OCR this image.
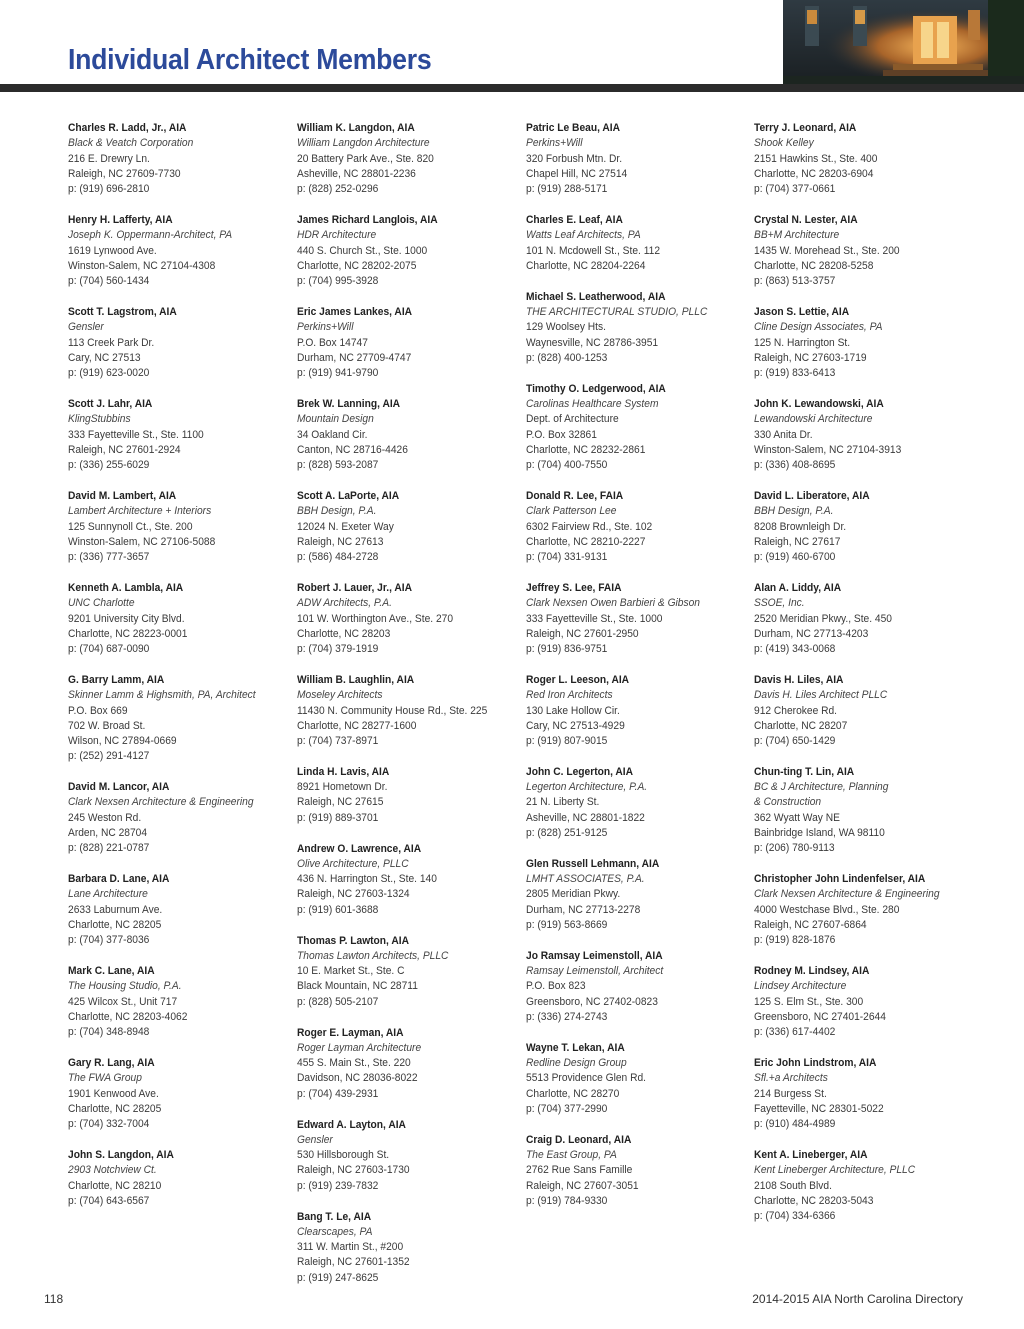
Individual Architect Members
Charles R. Ladd, Jr., AIA
Black & Veatch Corporation
216 E. Drewry Ln.
Raleigh, NC 27609-7730
p: (919) 696-2810
Henry H. Lafferty, AIA
Joseph K. Oppermann-Architect, PA
1619 Lynwood Ave.
Winston-Salem, NC 27104-4308
p: (704) 560-1434
Scott T. Lagstrom, AIA
Gensler
113 Creek Park Dr.
Cary, NC 27513
p: (919) 623-0020
Scott J. Lahr, AIA
KlingStubbins
333 Fayetteville St., Ste. 1100
Raleigh, NC 27601-2924
p: (336) 255-6029
David M. Lambert, AIA
Lambert Architecture + Interiors
125 Sunnynoll Ct., Ste. 200
Winston-Salem, NC 27106-5088
p: (336) 777-3657
Kenneth A. Lambla, AIA
UNC Charlotte
9201 University City Blvd.
Charlotte, NC 28223-0001
p: (704) 687-0090
G. Barry Lamm, AIA
Skinner Lamm & Highsmith, PA, Architect
P.O. Box 669
702 W. Broad St.
Wilson, NC 27894-0669
p: (252) 291-4127
David M. Lancor, AIA
Clark Nexsen Architecture & Engineering
245 Weston Rd.
Arden, NC 28704
p: (828) 221-0787
Barbara D. Lane, AIA
Lane Architecture
2633 Laburnum Ave.
Charlotte, NC 28205
p: (704) 377-8036
Mark C. Lane, AIA
The Housing Studio, P.A.
425 Wilcox St., Unit 717
Charlotte, NC 28203-4062
p: (704) 348-8948
Gary R. Lang, AIA
The FWA Group
1901 Kenwood Ave.
Charlotte, NC 28205
p: (704) 332-7004
John S. Langdon, AIA
2903 Notchview Ct.
Charlotte, NC 28210
p: (704) 643-6567
William K. Langdon, AIA
William Langdon Architecture
20 Battery Park Ave., Ste. 820
Asheville, NC 28801-2236
p: (828) 252-0296
James Richard Langlois, AIA
HDR Architecture
440 S. Church St., Ste. 1000
Charlotte, NC 28202-2075
p: (704) 995-3928
Eric James Lankes, AIA
Perkins+Will
P.O. Box 14747
Durham, NC 27709-4747
p: (919) 941-9790
Brek W. Lanning, AIA
Mountain Design
34 Oakland Cir.
Canton, NC 28716-4426
p: (828) 593-2087
Scott A. LaPorte, AIA
BBH Design, P.A.
12024 N. Exeter Way
Raleigh, NC 27613
p: (586) 484-2728
Robert J. Lauer, Jr., AIA
ADW Architects, P.A.
101 W. Worthington Ave., Ste. 270
Charlotte, NC 28203
p: (704) 379-1919
William B. Laughlin, AIA
Moseley Architects
11430 N. Community House Rd., Ste. 225
Charlotte, NC 28277-1600
p: (704) 737-8971
Linda H. Lavis, AIA
8921 Hometown Dr.
Raleigh, NC 27615
p: (919) 889-3701
Andrew O. Lawrence, AIA
Olive Architecture, PLLC
436 N. Harrington St., Ste. 140
Raleigh, NC 27603-1324
p: (919) 601-3688
Thomas P. Lawton, AIA
Thomas Lawton Architects, PLLC
10 E. Market St., Ste. C
Black Mountain, NC 28711
p: (828) 505-2107
Roger E. Layman, AIA
Roger Layman Architecture
455 S. Main St., Ste. 220
Davidson, NC 28036-8022
p: (704) 439-2931
Edward A. Layton, AIA
Gensler
530 Hillsborough St.
Raleigh, NC 27603-1730
p: (919) 239-7832
Bang T. Le, AIA
Clearscapes, PA
311 W. Martin St., #200
Raleigh, NC 27601-1352
p: (919) 247-8625
Patric Le Beau, AIA
Perkins+Will
320 Forbush Mtn. Dr.
Chapel Hill, NC 27514
p: (919) 288-5171
Charles E. Leaf, AIA
Watts Leaf Architects, PA
101 N. Mcdowell St., Ste. 112
Charlotte, NC 28204-2264
Michael S. Leatherwood, AIA
THE ARCHITECTURAL STUDIO, PLLC
129 Woolsey Hts.
Waynesville, NC 28786-3951
p: (828) 400-1253
Timothy O. Ledgerwood, AIA
Carolinas Healthcare System
Dept. of Architecture
P.O. Box 32861
Charlotte, NC 28232-2861
p: (704) 400-7550
Donald R. Lee, FAIA
Clark Patterson Lee
6302 Fairview Rd., Ste. 102
Charlotte, NC 28210-2227
p: (704) 331-9131
Jeffrey S. Lee, FAIA
Clark Nexsen Owen Barbieri & Gibson
333 Fayetteville St., Ste. 1000
Raleigh, NC 27601-2950
p: (919) 836-9751
Roger L. Leeson, AIA
Red Iron Architects
130 Lake Hollow Cir.
Cary, NC 27513-4929
p: (919) 807-9015
John C. Legerton, AIA
Legerton Architecture, P.A.
21 N. Liberty St.
Asheville, NC 28801-1822
p: (828) 251-9125
Glen Russell Lehmann, AIA
LMHT ASSOCIATES, P.A.
2805 Meridian Pkwy.
Durham, NC 27713-2278
p: (919) 563-8669
Jo Ramsay Leimenstoll, AIA
Ramsay Leimenstoll, Architect
P.O. Box 823
Greensboro, NC 27402-0823
p: (336) 274-2743
Wayne T. Lekan, AIA
Redline Design Group
5513 Providence Glen Rd.
Charlotte, NC 28270
p: (704) 377-2990
Craig D. Leonard, AIA
The East Group, PA
2762 Rue Sans Famille
Raleigh, NC 27607-3051
p: (919) 784-9330
Terry J. Leonard, AIA
Shook Kelley
2151 Hawkins St., Ste. 400
Charlotte, NC 28203-6904
p: (704) 377-0661
Crystal N. Lester, AIA
BB+M Architecture
1435 W. Morehead St., Ste. 200
Charlotte, NC 28208-5258
p: (863) 513-3757
Jason S. Lettie, AIA
Cline Design Associates, PA
125 N. Harrington St.
Raleigh, NC 27603-1719
p: (919) 833-6413
John K. Lewandowski, AIA
Lewandowski Architecture
330 Anita Dr.
Winston-Salem, NC 27104-3913
p: (336) 408-8695
David L. Liberatore, AIA
BBH Design, P.A.
8208 Brownleigh Dr.
Raleigh, NC 27617
p: (919) 460-6700
Alan A. Liddy, AIA
SSOE, Inc.
2520 Meridian Pkwy., Ste. 450
Durham, NC 27713-4203
p: (419) 343-0068
Davis H. Liles, AIA
Davis H. Liles Architect PLLC
912 Cherokee Rd.
Charlotte, NC 28207
p: (704) 650-1429
Chun-ting T. Lin, AIA
BC & J Architecture, Planning
& Construction
362 Wyatt Way NE
Bainbridge Island, WA 98110
p: (206) 780-9113
Christopher John Lindenfelser, AIA
Clark Nexsen Architecture & Engineering
4000 Westchase Blvd., Ste. 280
Raleigh, NC 27607-6864
p: (919) 828-1876
Rodney M. Lindsey, AIA
Lindsey Architecture
125 S. Elm St., Ste. 300
Greensboro, NC 27401-2644
p: (336) 617-4402
Eric John Lindstrom, AIA
Sfl.+a Architects
214 Burgess St.
Fayetteville, NC 28301-5022
p: (910) 484-4989
Kent A. Lineberger, AIA
Kent Lineberger Architecture, PLLC
2108 South Blvd.
Charlotte, NC 28203-5043
p: (704) 334-6366
118	2014-2015 AIA North Carolina Directory
